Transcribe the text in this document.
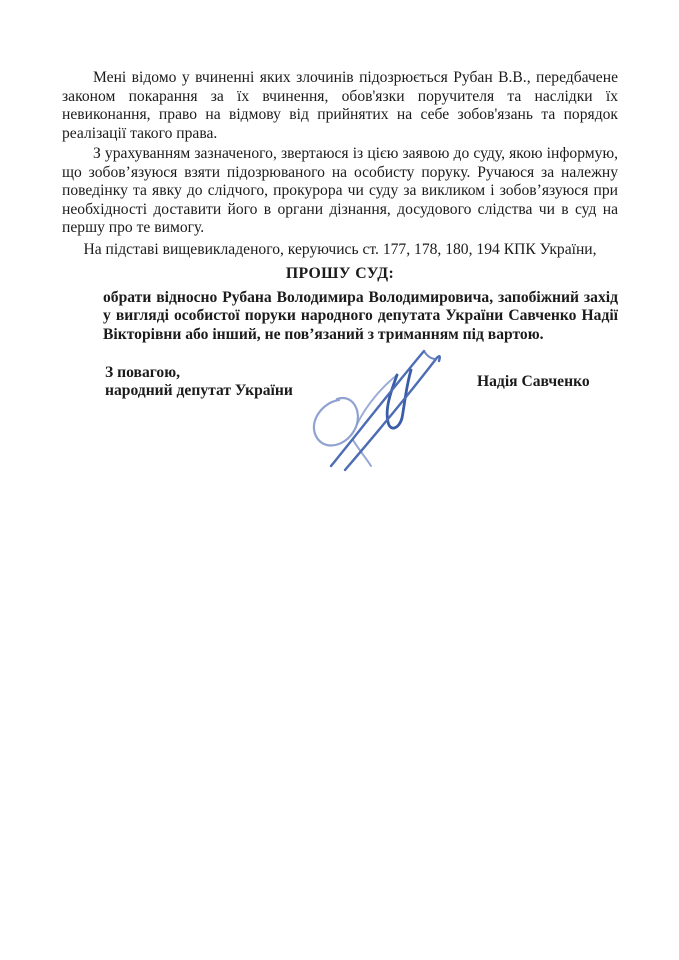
Мені відомо у вчиненні яких злочинів підозрюється Рубан В.В., передбачене законом покарання за їх вчинення, обов'язки поручителя та наслідки їх невиконання, право на відмову від прийнятих на себе зобов'язань та порядок реалізації такого права.

З урахуванням зазначеного, звертаюся із цією заявою до суду, якою інформую, що зобов’язуюся взяти підозрюваного на особисту поруку. Ручаюся за належну поведінку та явку до слідчого, прокурора чи суду за викликом і зобов’язуюся при необхідності доставити його в органи дізнання, досудового слідства чи в суд на першу про те вимогу.

На підставі вищевикладеного, керуючись ст. 177, 178, 180, 194 КПК України,

ПРОШУ СУД:

обрати відносно Рубана Володимира Володимировича, запобіжний захід у вигляді особистої поруки народного депутата України Савченко Надії Вікторівни або інший, не пов’язаний з триманням під вартою.

З повагою,

народний депутат України

Надія Савченко
